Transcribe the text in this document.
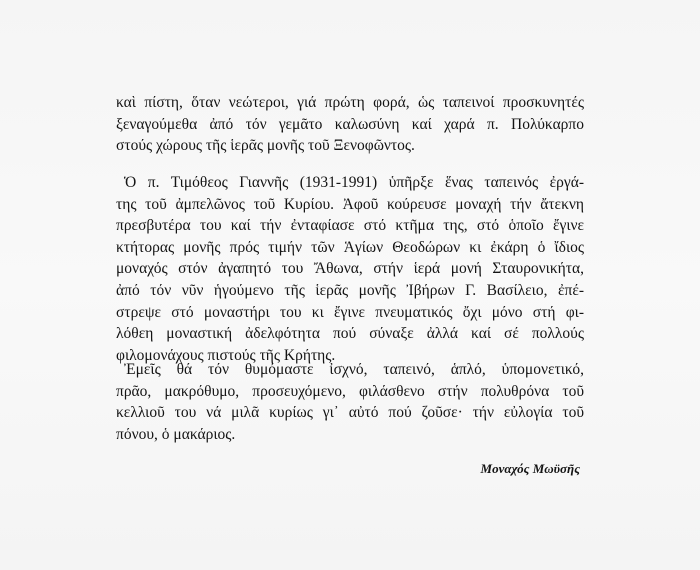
καὶ πίστη, ὅταν νεώτεροι, γιά πρώτη φορά, ὡς ταπεινοί προσκυνητές
ξεναγούμεθα ἀπό τόν γεμᾶτο καλωσύνη καί χαρά π. Πολύκαρπο
στούς χώρους τῆς ἱερᾶς μονῆς τοῦ Ξενοφῶντος.
Ὁ π. Τιμόθεος Γιαννῆς (1931-1991) ὑπῆρξε ἕνας ταπεινός ἐργά-
της τοῦ ἀμπελῶνος τοῦ Κυρίου. Ἀφοῦ κούρευσε μοναχή τήν ἄτεκνη
πρεσβυτέρα του καί τήν ἐνταφίασε στό κτῆμα της, στό ὁποῖο ἔγινε
κτήτορας μονῆς πρός τιμήν τῶν Ἁγίων Θεοδώρων κι ἐκάρη ὁ ἴδιος
μοναχός στόν ἀγαπητό του Ἄθωνα, στήν ἱερά μονή Σταυρονικήτα,
ἀπό τόν νῦν ἡγούμενο τῆς ἱερᾶς μονῆς Ἰβήρων Γ. Βασίλειο, ἐπέ-
στρεψε στό μοναστήρι του κι ἔγινε πνευματικός ὄχι μόνο στή φι-
λόθεη μοναστική ἀδελφότητα πού σύναξε ἀλλά καί σέ πολλούς
φιλομονάχους πιστούς τῆς Κρήτης.
Ἐμεῖς θά τόν θυμόμαστε ἰσχνό, ταπεινό, ἁπλό, ὑπομονετικό,
πρᾶο, μακρόθυμο, προσευχόμενο, φιλάσθενο στήν πολυθρόνα τοῦ
κελλιοῦ του νά μιλᾶ κυρίως γι᾿ αὐτό πού ζοῦσε· τήν εὐλογία τοῦ
πόνου, ὁ μακάριος.
Μοναχός Μωϋσῆς
